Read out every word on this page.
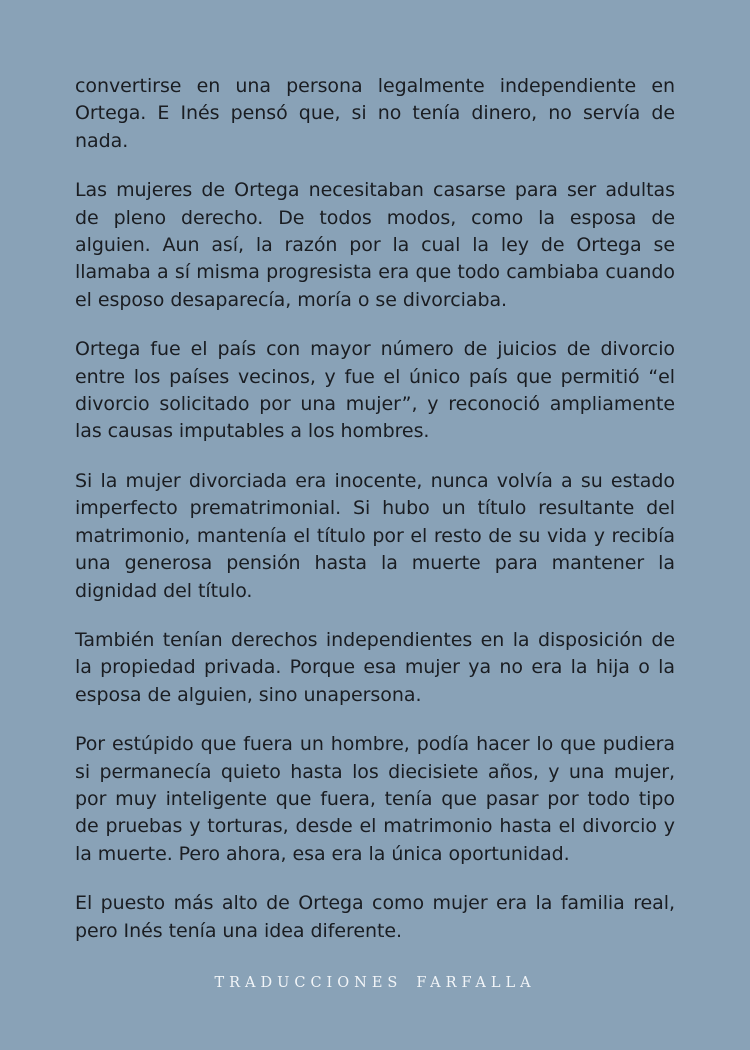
convertirse en una persona legalmente independiente en Ortega. E Inés pensó que, si no tenía dinero, no servía de nada.

Las mujeres de Ortega necesitaban casarse para ser adultas de pleno derecho. De todos modos, como la esposa de alguien. Aun así, la razón por la cual la ley de Ortega se llamaba a sí misma progresista era que todo cambiaba cuando el esposo desaparecía, moría o se divorciaba.

Ortega fue el país con mayor número de juicios de divorcio entre los países vecinos, y fue el único país que permitió “el divorcio solicitado por una mujer”, y reconoció ampliamente las causas imputables a los hombres.

Si la mujer divorciada era inocente, nunca volvía a su estado imperfecto prematrimonial. Si hubo un título resultante del matrimonio, mantenía el título por el resto de su vida y recibía una generosa pensión hasta la muerte para mantener la dignidad del título.

También tenían derechos independientes en la disposición de la propiedad privada. Porque esa mujer ya no era la hija o la esposa de alguien, sino unapersona.

Por estúpido que fuera un hombre, podía hacer lo que pudiera si permanecía quieto hasta los diecisiete años, y una mujer, por muy inteligente que fuera, tenía que pasar por todo tipo de pruebas y torturas, desde el matrimonio hasta el divorcio y la muerte. Pero ahora, esa era la única oportunidad.

El puesto más alto de Ortega como mujer era la familia real, pero Inés tenía una idea diferente.

TRADUCCIONES FARFALLA
